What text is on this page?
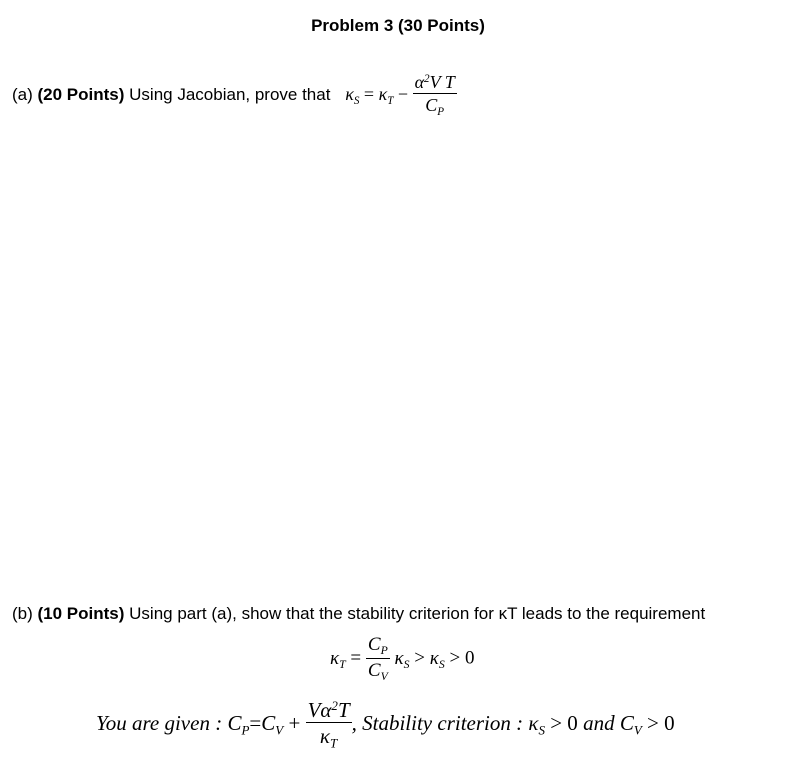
Problem 3 (30 Points)
(a) (20 Points) Using Jacobian, prove that $\kappa_S = \kappa_T - \frac{\alpha^2V T}{C_P}$
(b) (10 Points) Using part (a), show that the stability criterion for κT leads to the requirement
$\kappa_T = \frac{C_P}{C_V} \kappa_S > \kappa_S > 0$
You are given : $C_P=C_V + \frac{V\alpha^2T}{\kappa_T}$ , Stability criterion : $\kappa_S > 0$ and $C_V > 0$
